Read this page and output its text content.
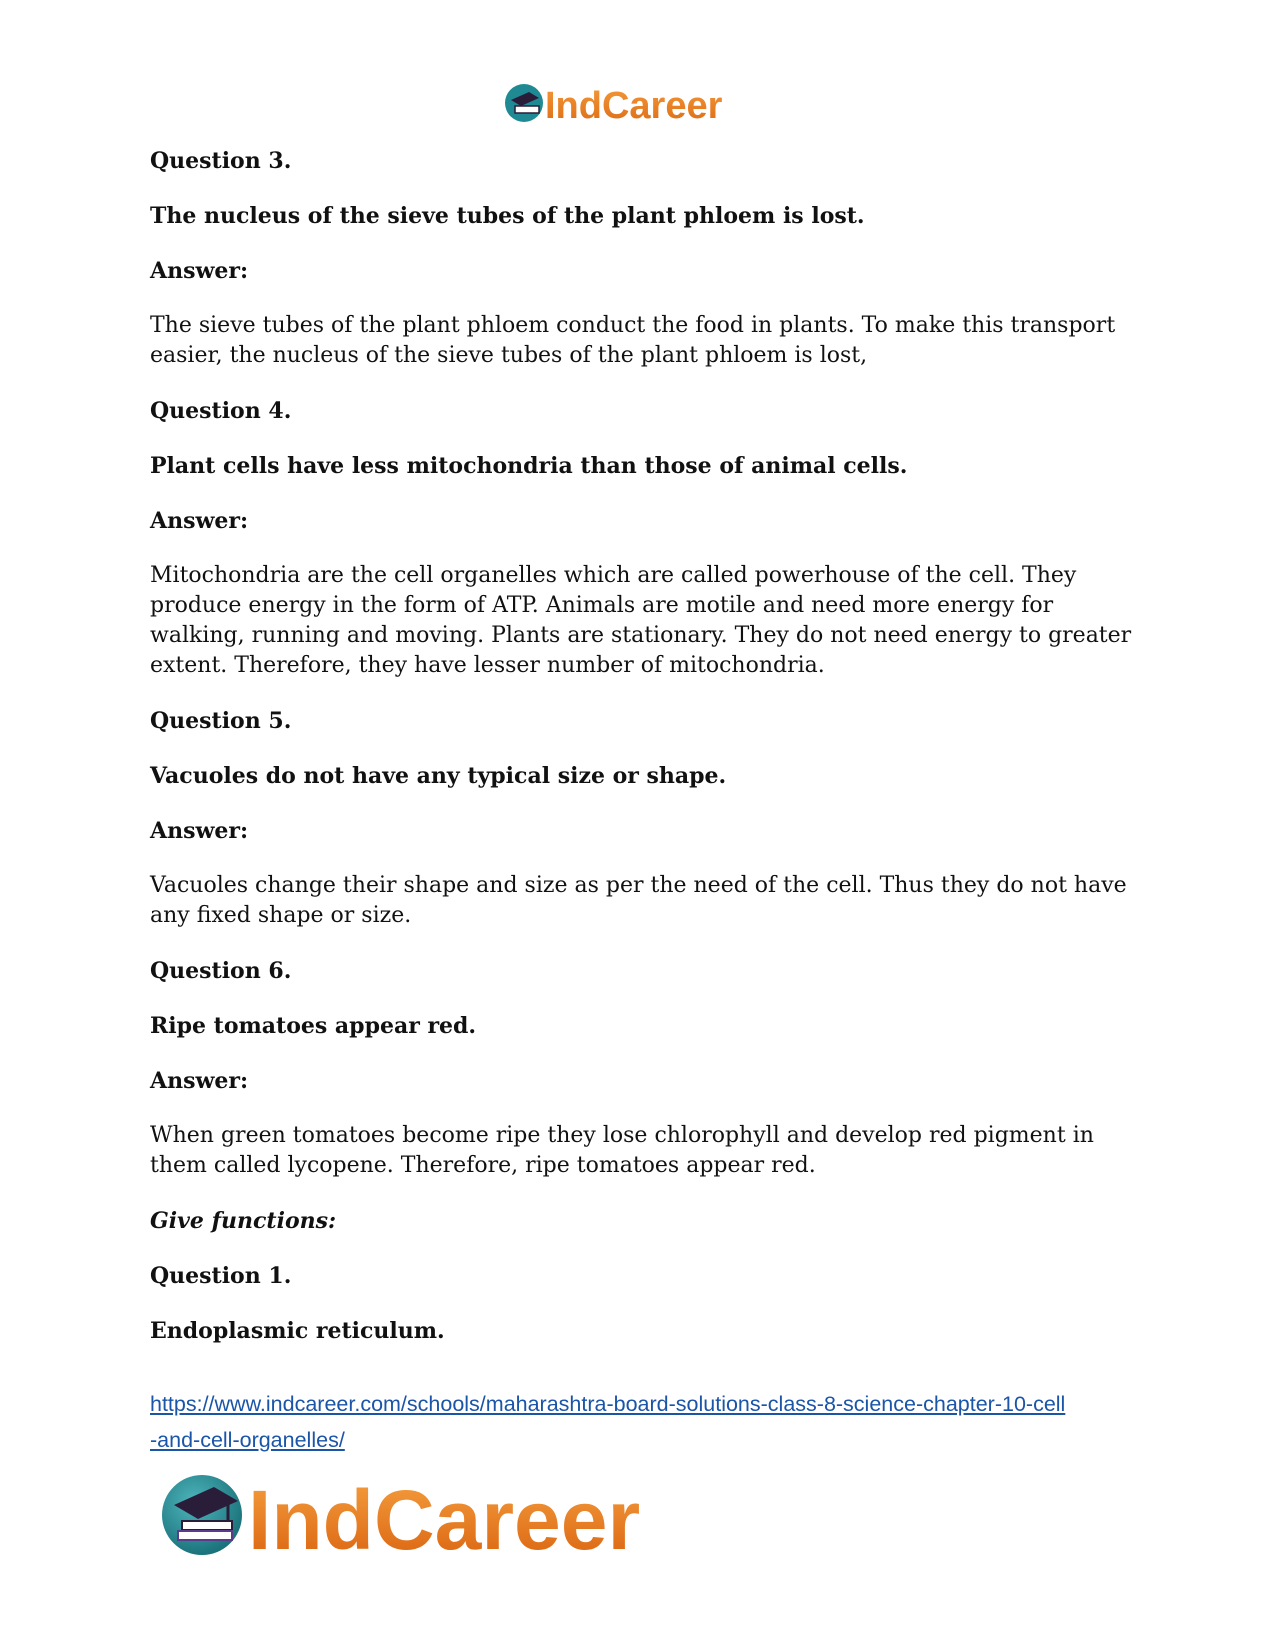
IndCareer

Question 3.

The nucleus of the sieve tubes of the plant phloem is lost.

Answer:

The sieve tubes of the plant phloem conduct the food in plants. To make this transport easier, the nucleus of the sieve tubes of the plant phloem is lost,

Question 4.

Plant cells have less mitochondria than those of animal cells.

Answer:

Mitochondria are the cell organelles which are called powerhouse of the cell. They produce energy in the form of ATP. Animals are motile and need more energy for walking, running and moving. Plants are stationary. They do not need energy to greater extent. Therefore, they have lesser number of mitochondria.

Question 5.

Vacuoles do not have any typical size or shape.

Answer:

Vacuoles change their shape and size as per the need of the cell. Thus they do not have any fixed shape or size.

Question 6.

Ripe tomatoes appear red.

Answer:

When green tomatoes become ripe they lose chlorophyll and develop red pigment in them called lycopene. Therefore, ripe tomatoes appear red.

Give functions:

Question 1.

Endoplasmic reticulum.

https://www.indcareer.com/schools/maharashtra-board-solutions-class-8-science-chapter-10-cell
-and-cell-organelles/
IndCareer
